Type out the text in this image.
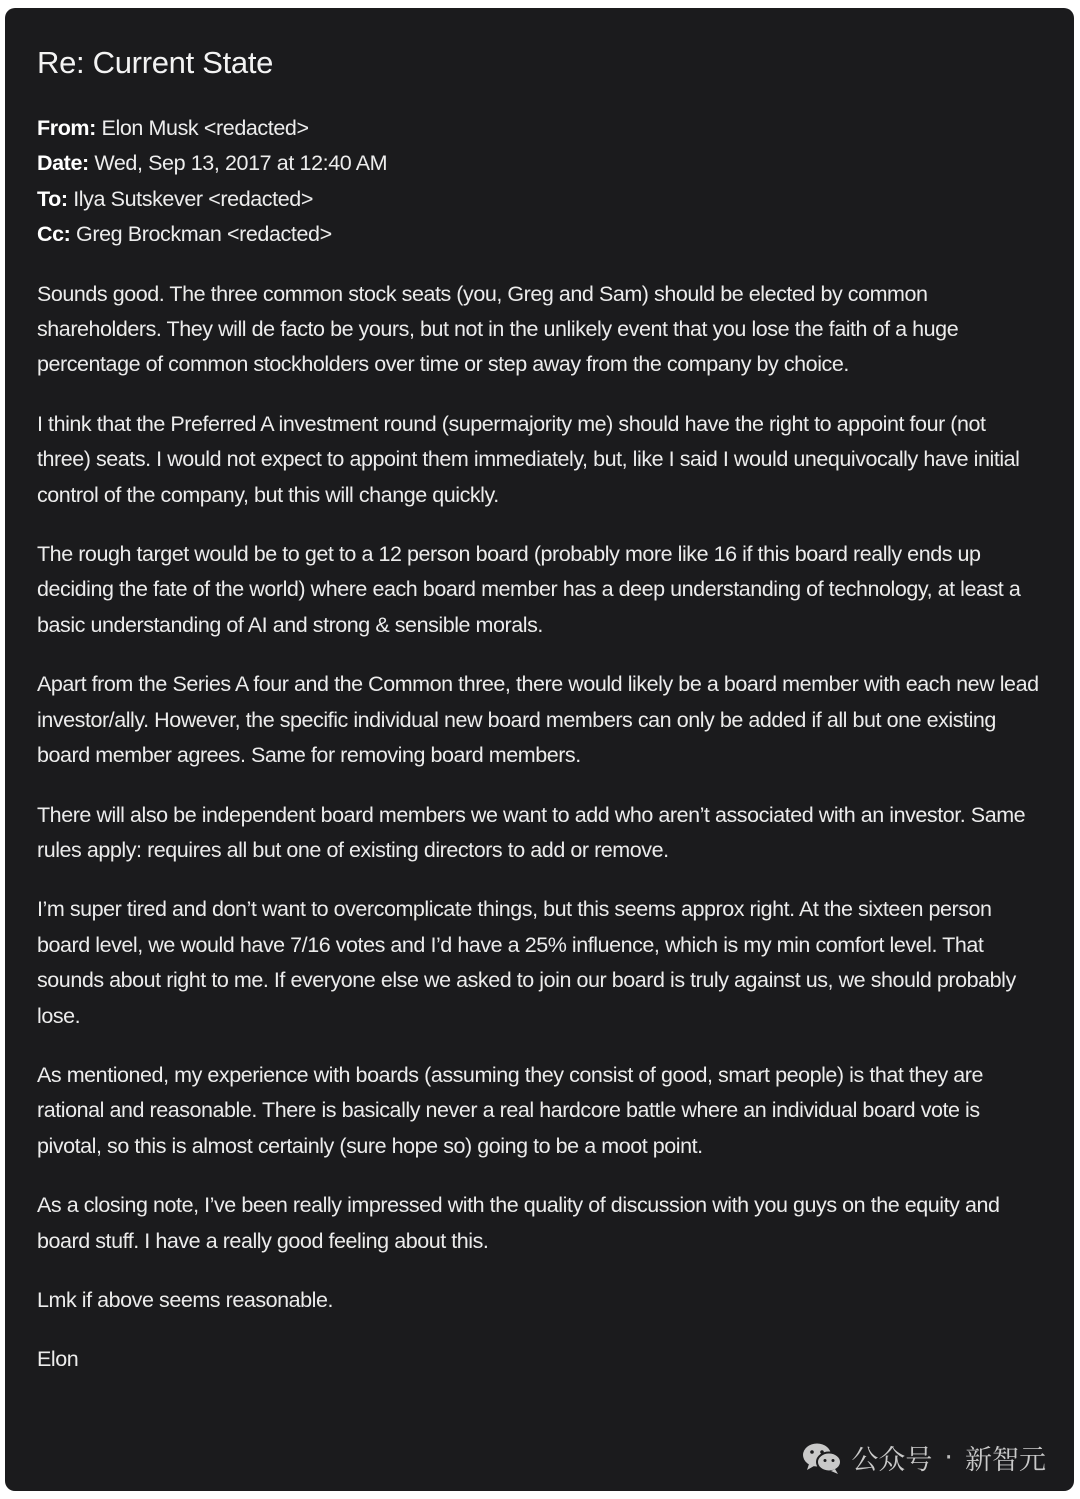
Re: Current State
From: Elon Musk <redacted>
Date: Wed, Sep 13, 2017 at 12:40 AM
To: Ilya Sutskever <redacted>
Cc: Greg Brockman <redacted>

Sounds good. The three common stock seats (you, Greg and Sam) should be elected by common shareholders. They will de facto be yours, but not in the unlikely event that you lose the faith of a huge percentage of common stockholders over time or step away from the company by choice.

I think that the Preferred A investment round (supermajority me) should have the right to appoint four (not three) seats. I would not expect to appoint them immediately, but, like I said I would unequivocally have initial control of the company, but this will change quickly.

The rough target would be to get to a 12 person board (probably more like 16 if this board really ends up deciding the fate of the world) where each board member has a deep understanding of technology, at least a basic understanding of AI and strong & sensible morals.

Apart from the Series A four and the Common three, there would likely be a board member with each new lead investor/ally. However, the specific individual new board members can only be added if all but one existing board member agrees. Same for removing board members.

There will also be independent board members we want to add who aren’t associated with an investor. Same rules apply: requires all but one of existing directors to add or remove.

I’m super tired and don’t want to overcomplicate things, but this seems approx right. At the sixteen person board level, we would have 7/16 votes and I’d have a 25% influence, which is my min comfort level. That sounds about right to me. If everyone else we asked to join our board is truly against us, we should probably lose.

As mentioned, my experience with boards (assuming they consist of good, smart people) is that they are rational and reasonable. There is basically never a real hardcore battle where an individual board vote is pivotal, so this is almost certainly (sure hope so) going to be a moot point.

As a closing note, I’ve been really impressed with the quality of discussion with you guys on the equity and board stuff. I have a really good feeling about this.

Lmk if above seems reasonable.

Elon

公众号 · 新智元
